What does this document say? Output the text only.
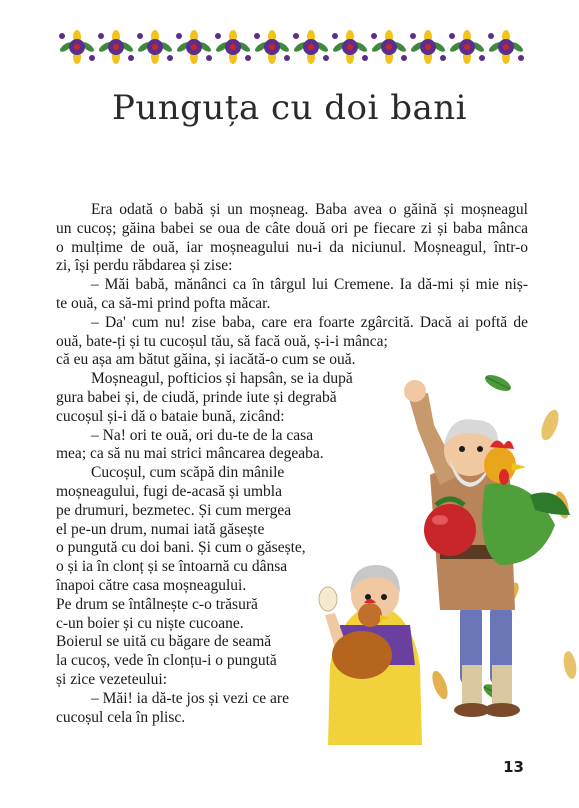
Punguța cu doi bani
Era odată o babă și un moșneag. Baba avea o găină și moșneagul
un cucoș; găina babei se oua de câte două ori pe fiecare zi și baba mânca
o mulțime de ouă, iar moșneagului nu-i da niciunul. Moșneagul, într-o
zi, își perdu răbdarea și zise:
– Măi babă, mănânci ca în târgul lui Cremene. Ia dă-mi și mie niș-
te ouă, ca să-mi prind pofta măcar.
– Da' cum nu! zise baba, care era foarte zgârcită. Dacă ai poftă de
ouă, bate-ți și tu cucoșul tău, să facă ouă, ș-i-i mânca;
că eu așa am bătut găina, și iacătă-o cum se ouă.
Moșneagul, pofticios și hapsân, se ia după
gura babei și, de ciudă, prinde iute și degrabă
cucoșul și-i dă o bataie bună, zicând:
– Na! ori te ouă, ori du-te de la casa
mea; ca să nu mai strici mâncarea degeaba.
Cucoșul, cum scăpă din mânile
moșneagului, fugi de-acasă și umbla
pe drumuri, bezmetec. Și cum mergea
el pe-un drum, numai iată găsește
o pungută cu doi bani. Și cum o găsește,
o și ia în clonț și se întoarnă cu dânsa
înapoi către casa moșneagului.
Pe drum se întâlnește c-o trăsură
c-un boier și cu niște cucoane.
Boierul se uită cu băgare de seamă
la cucoș, vede în clonțu-i o pungută
și zice vezeteului:
– Măi! ia dă-te jos și vezi ce are
cucoșul cela în plisc.
13
